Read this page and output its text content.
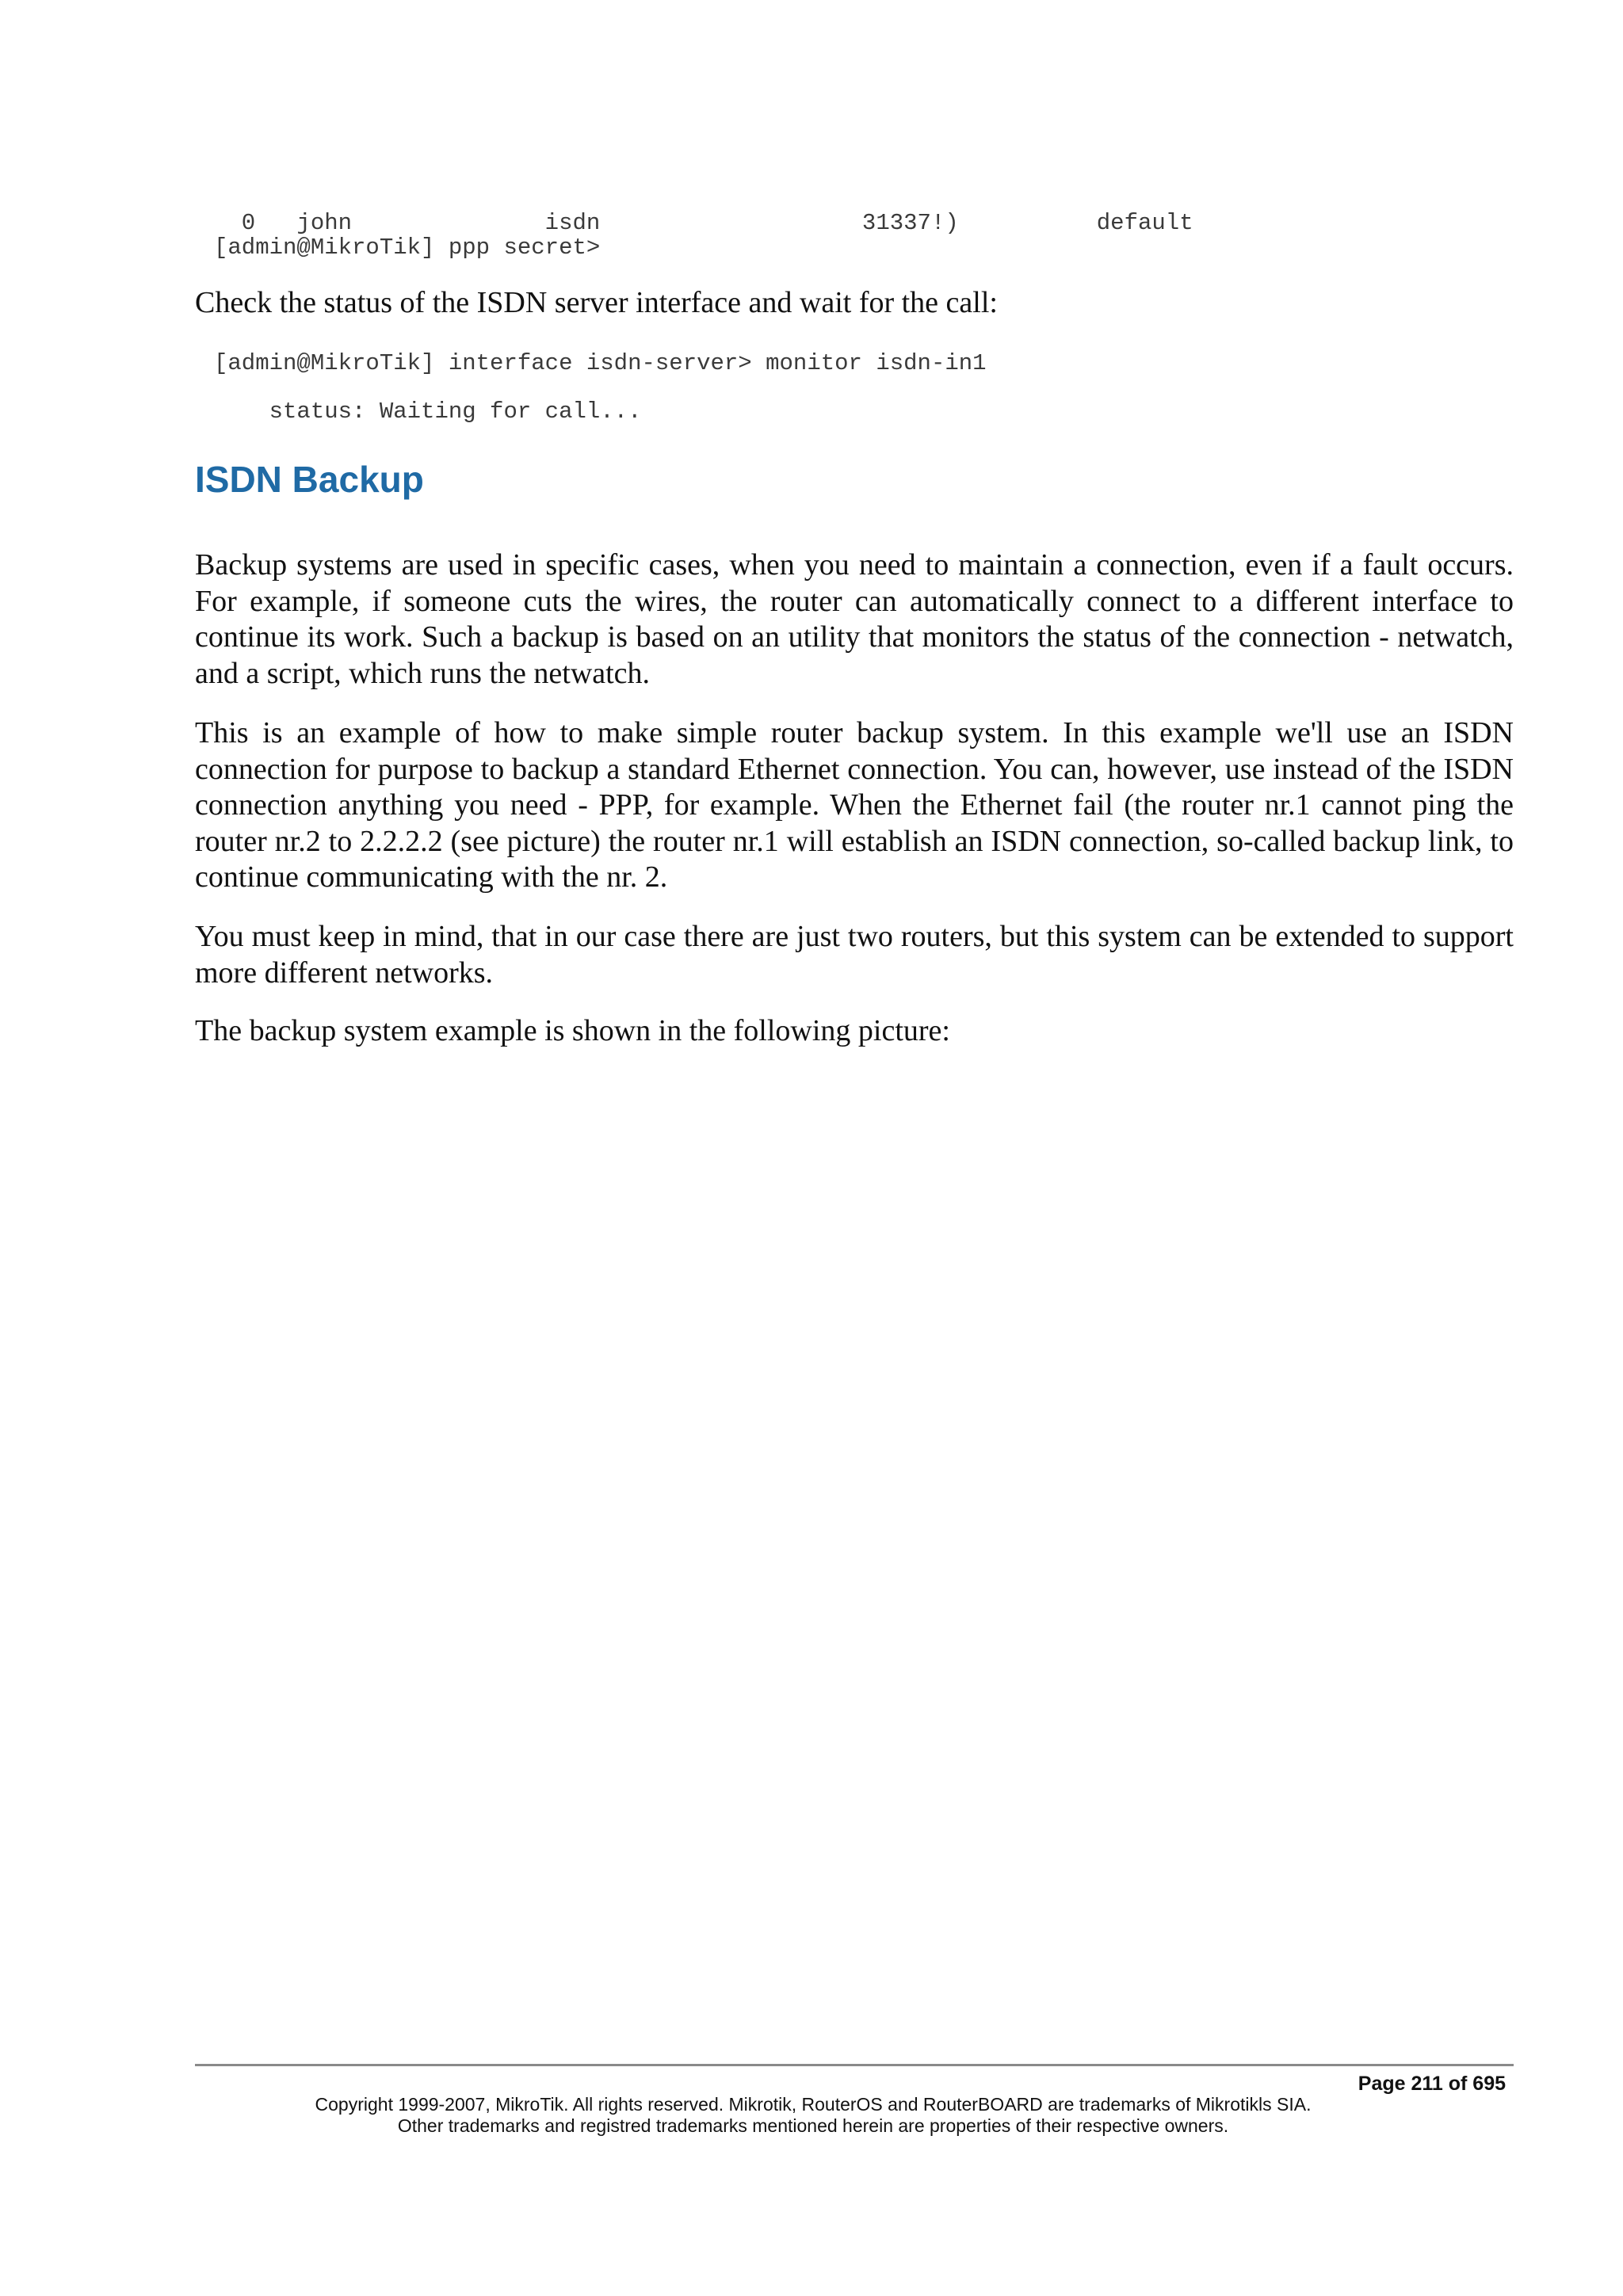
0   john              isdn                   31337!)          default
[admin@MikroTik] ppp secret>

Check the status of the ISDN server interface and wait for the call:

[admin@MikroTik] interface isdn-server> monitor isdn-in1
status: Waiting for call...
ISDN Backup

Backup systems are used in specific cases, when you need to maintain a connection, even if a fault occurs. For example, if someone cuts the wires, the router can automatically connect to a different interface to continue its work. Such a backup is based on an utility that monitors the status of the connection - netwatch, and a script, which runs the netwatch.

This is an example of how to make simple router backup system. In this example we'll use an ISDN connection for purpose to backup a standard Ethernet connection. You can, however, use instead of the ISDN connection anything you need - PPP, for example. When the Ethernet fail (the router nr.1 cannot ping the router nr.2 to 2.2.2.2 (see picture) the router nr.1 will establish an ISDN connection, so-called backup link, to continue communicating with the nr. 2.

You must keep in mind, that in our case there are just two routers, but this system can be extended to support more different networks.

The backup system example is shown in the following picture:

Page 211 of 695
Copyright 1999-2007, MikroTik. All rights reserved. Mikrotik, RouterOS and RouterBOARD are trademarks of Mikrotikls SIA.
Other trademarks and registred trademarks mentioned herein are properties of their respective owners.
